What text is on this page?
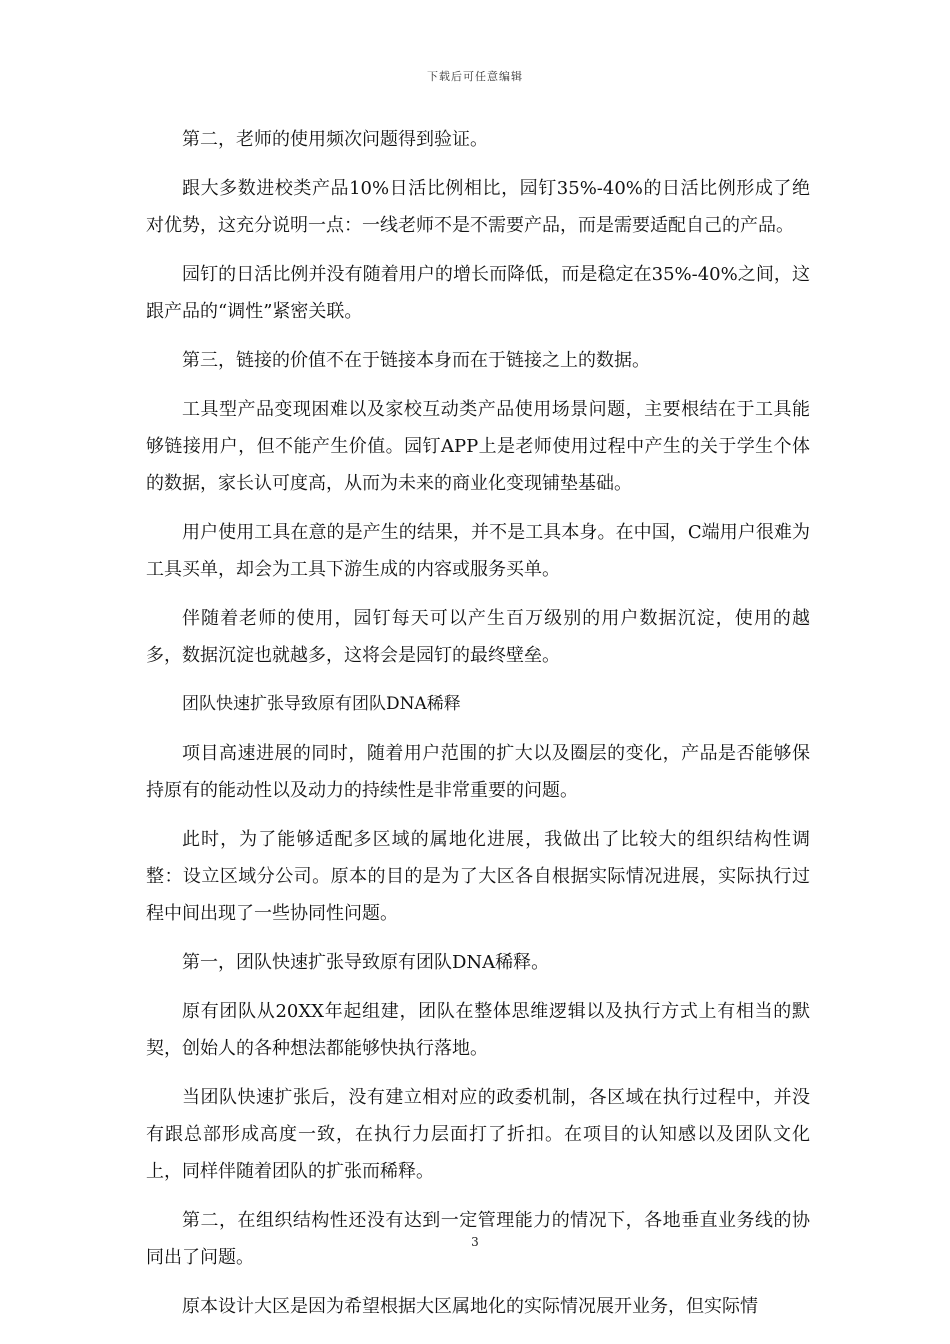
下载后可任意编辑

第二，老师的使用频次问题得到验证。

跟大多数进校类产品10%日活比例相比，园钉35%-40%的日活比例形成了绝对优势，这充分说明一点：一线老师不是不需要产品，而是需要适配自己的产品。

园钉的日活比例并没有随着用户的增长而降低，而是稳定在35%-40%之间，这跟产品的“调性”紧密关联。

第三，链接的价值不在于链接本身而在于链接之上的数据。

工具型产品变现困难以及家校互动类产品使用场景问题，主要根结在于工具能够链接用户，但不能产生价值。园钉APP上是老师使用过程中产生的关于学生个体的数据，家长认可度高，从而为未来的商业化变现铺垫基础。

用户使用工具在意的是产生的结果，并不是工具本身。在中国，C端用户很难为工具买单，却会为工具下游生成的内容或服务买单。

伴随着老师的使用，园钉每天可以产生百万级别的用户数据沉淀，使用的越多，数据沉淀也就越多，这将会是园钉的最终壁垒。

团队快速扩张导致原有团队DNA稀释

项目高速进展的同时，随着用户范围的扩大以及圈层的变化，产品是否能够保持原有的能动性以及动力的持续性是非常重要的问题。

此时，为了能够适配多区域的属地化进展，我做出了比较大的组织结构性调整：设立区域分公司。原本的目的是为了大区各自根据实际情况进展，实际执行过程中间出现了一些协同性问题。

第一，团队快速扩张导致原有团队DNA稀释。

原有团队从20XX年起组建，团队在整体思维逻辑以及执行方式上有相当的默契，创始人的各种想法都能够快执行落地。

当团队快速扩张后，没有建立相对应的政委机制，各区域在执行过程中，并没有跟总部形成高度一致，在执行力层面打了折扣。在项目的认知感以及团队文化上，同样伴随着团队的扩张而稀释。

第二，在组织结构性还没有达到一定管理能力的情况下，各地垂直业务线的协同出了问题。

原本设计大区是因为希望根据大区属地化的实际情况展开业务，但实际情

3
